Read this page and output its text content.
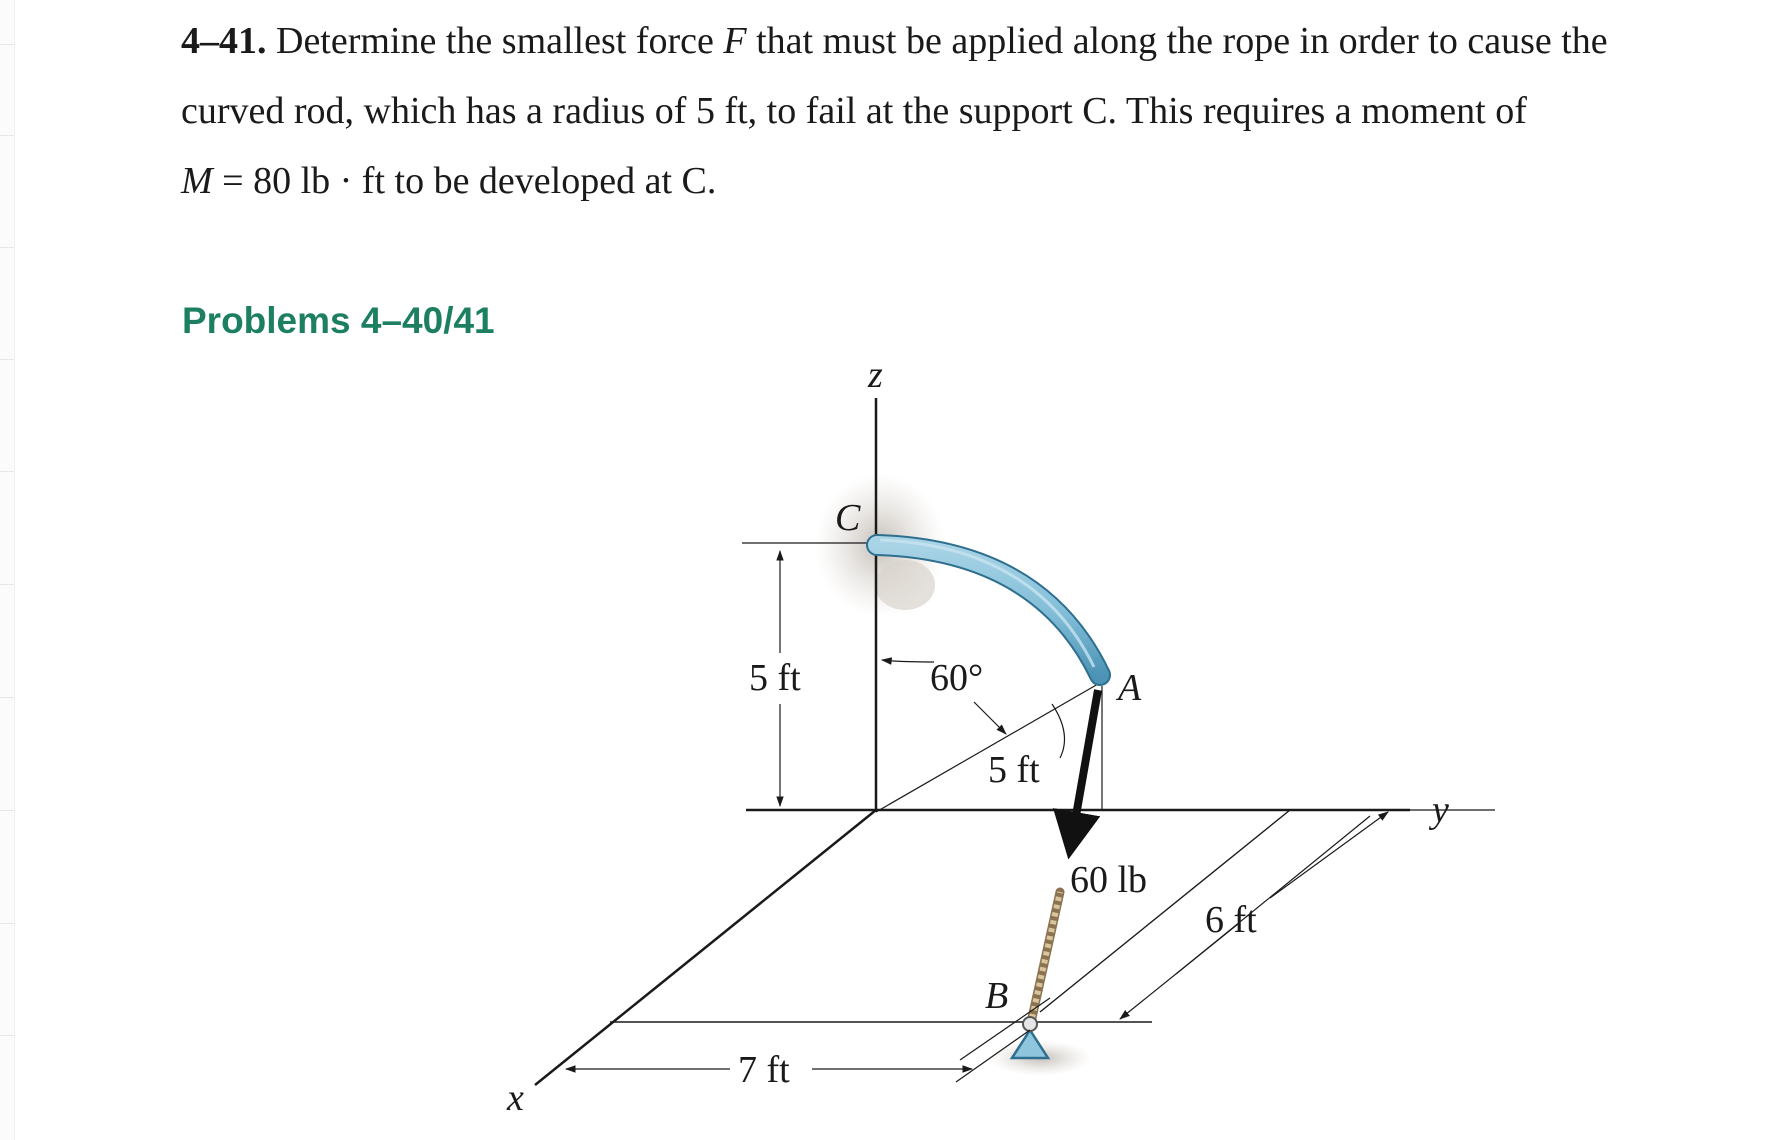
4–41. Determine the smallest force F that must be applied along the rope in order to cause the
curved rod, which has a radius of 5 ft, to fail at the support C. This requires a moment of
M = 80 lb · ft to be developed at C.
Problems 4–40/41
z
y
x
C
A
B
5 ft	60°
5 ft
60 lb
6 ft
7 ft
